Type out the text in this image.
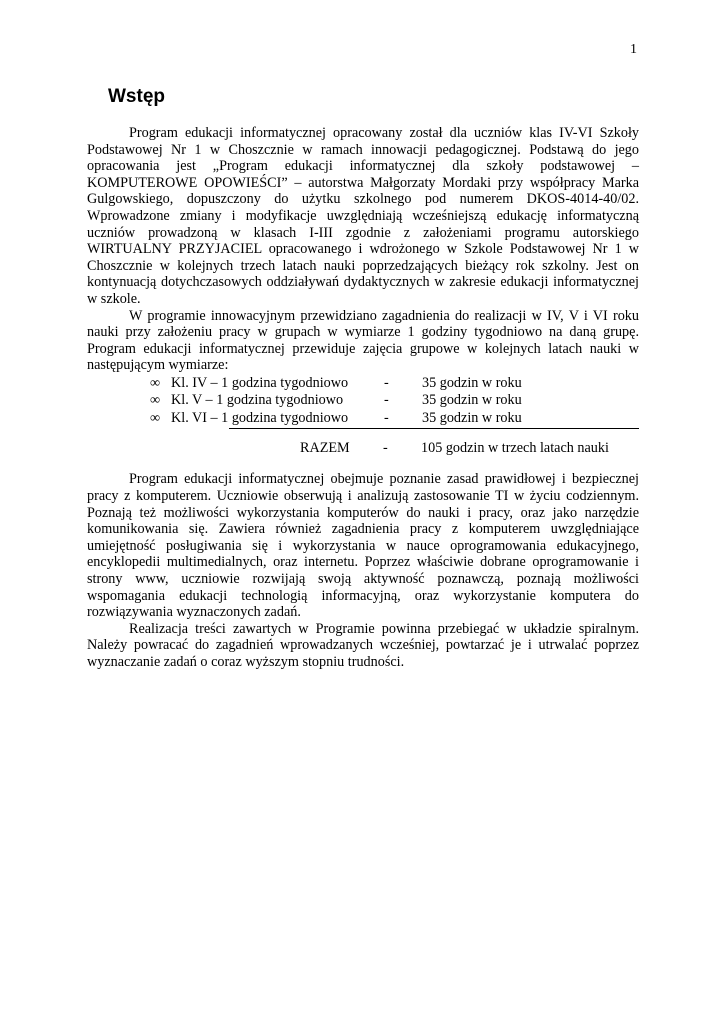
1
Wstęp

Program edukacji informatycznej opracowany został dla uczniów klas IV-VI Szkoły Podstawowej Nr 1 w Choszcznie w ramach innowacji pedagogicznej. Podstawą do jego opracowania jest „Program edukacji informatycznej dla szkoły podstawowej – KOMPUTEROWE OPOWIEŚCI” – autorstwa Małgorzaty Mordaki przy współpracy Marka Gulgowskiego, dopuszczony do użytku szkolnego pod numerem DKOS-4014-40/02. Wprowadzone zmiany i modyfikacje uwzględniają wcześniejszą edukację informatyczną uczniów prowadzoną w klasach I-III zgodnie z założeniami programu autorskiego WIRTUALNY PRZYJACIEL opracowanego i wdrożonego w Szkole Podstawowej Nr 1 w Choszcznie w kolejnych trzech latach nauki poprzedzających bieżący rok szkolny. Jest on kontynuacją dotychczasowych oddziaływań dydaktycznych w zakresie edukacji informatycznej w szkole.

W programie innowacyjnym przewidziano zagadnienia do realizacji w IV, V i VI roku nauki przy założeniu pracy w grupach w wymiarze 1 godziny tygodniowo na daną grupę. Program edukacji informatycznej przewiduje zajęcia grupowe w kolejnych latach nauki w następującym wymiarze:

∞ Kl. IV – 1 godzina tygodniowo	-	35 godzin w roku
∞ Kl. V – 1 godzina tygodniowo	-	35 godzin w roku
∞ Kl. VI – 1 godzina tygodniowo	-	35 godzin w roku
RAZEM	-	105 godzin w trzech latach nauki

Program edukacji informatycznej obejmuje poznanie zasad prawidłowej i bezpiecznej pracy z komputerem. Uczniowie obserwują i analizują zastosowanie TI w życiu codziennym. Poznają też możliwości wykorzystania komputerów do nauki i pracy, oraz jako narzędzie komunikowania się. Zawiera również zagadnienia pracy z komputerem uwzględniające umiejętność posługiwania się i wykorzystania w nauce oprogramowania edukacyjnego, encyklopedii multimedialnych, oraz internetu. Poprzez właściwie dobrane oprogramowanie i strony www, uczniowie rozwijają swoją aktywność poznawczą, poznają możliwości wspomagania edukacji technologią informacyjną, oraz wykorzystanie komputera do rozwiązywania wyznaczonych zadań.

Realizacja treści zawartych w Programie powinna przebiegać w układzie spiralnym. Należy powracać do zagadnień wprowadzanych wcześniej, powtarzać je i utrwalać poprzez wyznaczanie zadań o coraz wyższym stopniu trudności.
